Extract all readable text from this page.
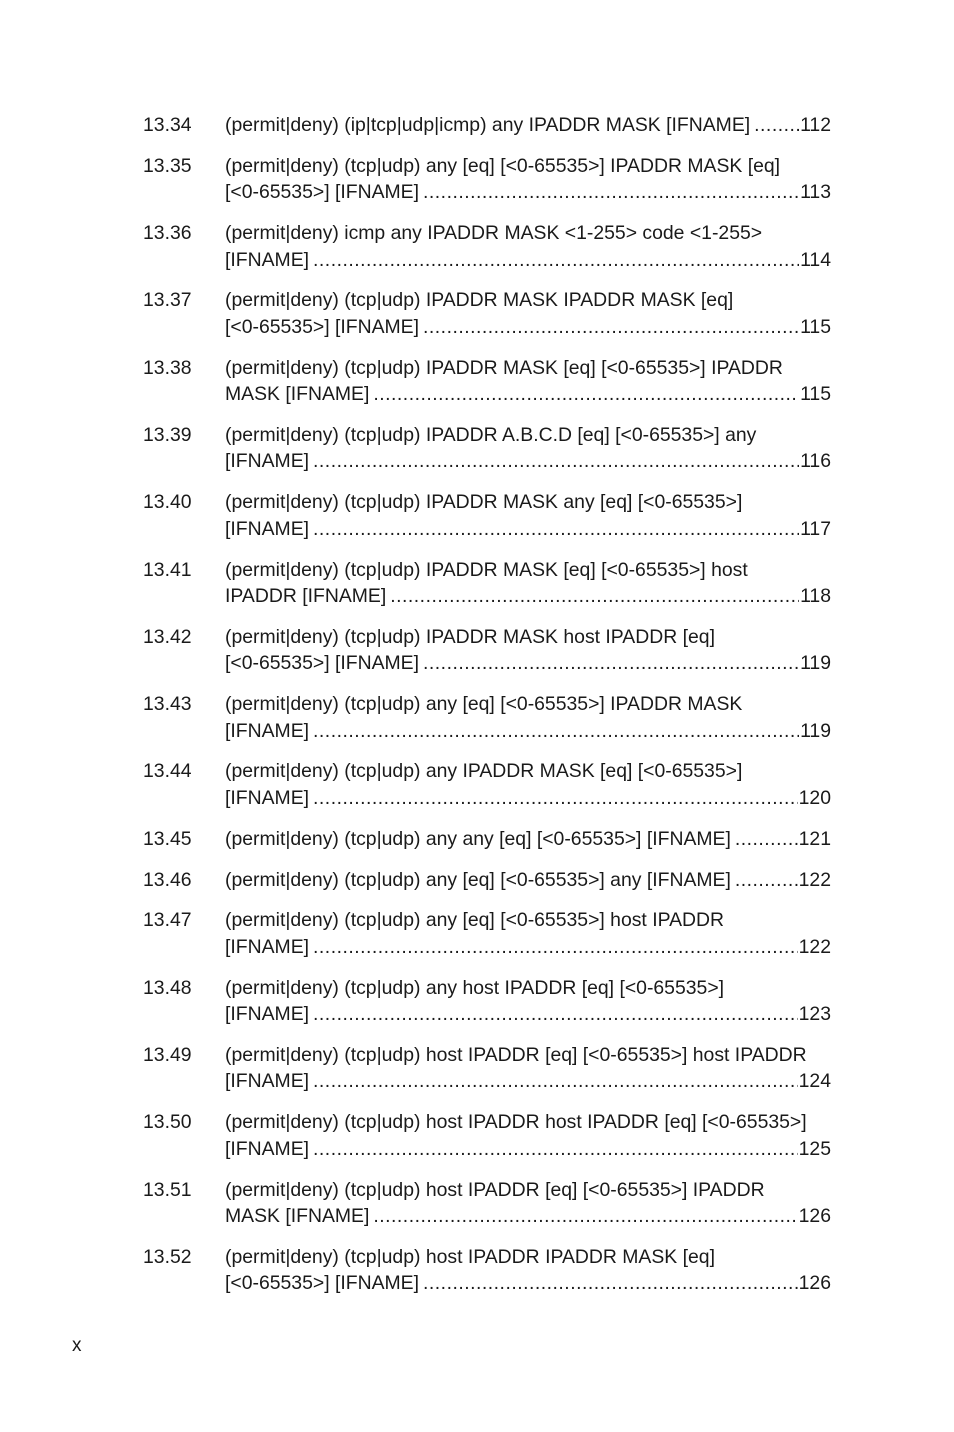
13.34	(permit|deny) (ip|tcp|udp|icmp) any IPADDR MASK [IFNAME] .....	112
13.35	(permit|deny) (tcp|udp) any [eq] [<0-65535>] IPADDR MASK [eq]
[<0-65535>] [IFNAME] .....	113
13.36	(permit|deny) icmp any IPADDR MASK <1-255> code <1-255>
[IFNAME] .....	114
13.37	(permit|deny) (tcp|udp) IPADDR MASK IPADDR MASK [eq]
[<0-65535>] [IFNAME] .....	115
13.38	(permit|deny) (tcp|udp) IPADDR MASK [eq] [<0-65535>] IPADDR
MASK [IFNAME] .....	115
13.39	(permit|deny) (tcp|udp) IPADDR A.B.C.D [eq] [<0-65535>] any
[IFNAME] .....	116
13.40	(permit|deny) (tcp|udp) IPADDR MASK any [eq] [<0-65535>]
[IFNAME] .....	117
13.41	(permit|deny) (tcp|udp) IPADDR MASK [eq] [<0-65535>] host
IPADDR [IFNAME] .....	118
13.42	(permit|deny) (tcp|udp) IPADDR MASK host IPADDR [eq]
[<0-65535>] [IFNAME] .....	119
13.43	(permit|deny) (tcp|udp) any [eq] [<0-65535>] IPADDR MASK
[IFNAME] .....	119
13.44	(permit|deny) (tcp|udp) any IPADDR MASK [eq] [<0-65535>]
[IFNAME] .....	120
13.45	(permit|deny) (tcp|udp) any any [eq] [<0-65535>] [IFNAME] .....	121
13.46	(permit|deny) (tcp|udp) any [eq] [<0-65535>] any [IFNAME] .....	122
13.47	(permit|deny) (tcp|udp) any [eq] [<0-65535>] host IPADDR
[IFNAME] .....	122
13.48	(permit|deny) (tcp|udp) any host IPADDR [eq] [<0-65535>]
[IFNAME] .....	123
13.49	(permit|deny) (tcp|udp) host IPADDR [eq] [<0-65535>] host IPADDR
[IFNAME] .....	124
13.50	(permit|deny) (tcp|udp) host IPADDR host IPADDR [eq] [<0-65535>]
[IFNAME] .....	125
13.51	(permit|deny) (tcp|udp) host IPADDR [eq] [<0-65535>] IPADDR
MASK [IFNAME] .....	126
13.52	(permit|deny) (tcp|udp) host IPADDR IPADDR MASK [eq]
[<0-65535>] [IFNAME] .....	126
x
